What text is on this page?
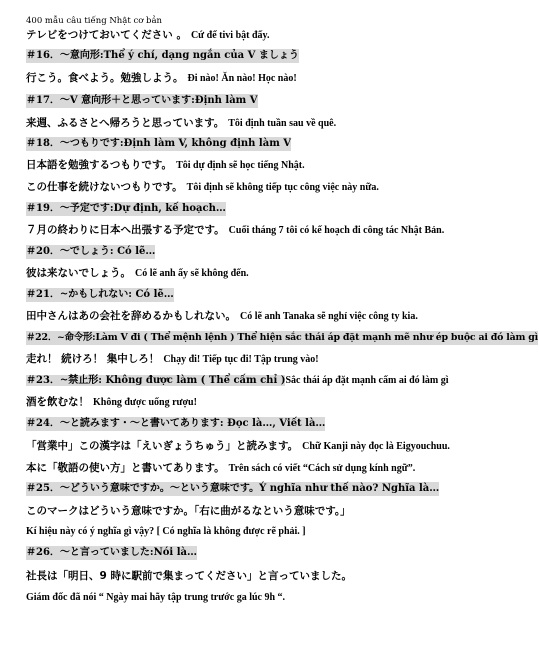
400 mẫu câu tiếng Nhật cơ bản
テレビをつけておいてください 。 Cứ để tivi bật đấy.
＃16．～意向形:Thể ý chí, dạng ngắn của V ましょう
行こう。食べよう。勉強しよう。 Đi nào! Ăn nào! Học nào!
＃17．～V 意向形＋と思っています:Định làm V
来週、ふるさとへ帰ろうと思っています。 Tôi định tuần sau về quê.
＃18．～つもりです:Định làm V, không định làm V
日本語を勉強するつもりです。 Tôi dự định sẽ học tiếng Nhật.
この仕事を続けないつもりです。 Tôi định sẽ không tiếp tục công việc này nữa.
＃19．～予定です:Dự định, kế hoạch…
７月の終わりに日本へ出張する予定です。 Cuối tháng 7 tôi có kế hoạch đi công tác Nhật Bản.
＃20．～でしょう: Có lẽ…
彼は来ないでしょう。 Có lẽ anh ấy sẽ không đến.
＃21．~かもしれない: Có lẽ…
田中さんはあの会社を辞めるかもしれない。 Có lẽ anh Tanaka sẽ nghỉ việc công ty kia.
＃22．~命令形:Làm V đi ( Thể mệnh lệnh ) Thể hiện sắc thái áp đặt mạnh mẽ như ép buộc ai đó làm gì
走れ！ 続けろ！ 集中しろ！ Chạy đi! Tiếp tục đi! Tập trung vào!
＃23．~禁止形: Không được làm ( Thể cấm chỉ )Sắc thái áp đặt mạnh cấm ai đó làm gì
酒を飲むな！ Không được uống rượu!
＃24．～と読みます・～と書いてあります: Đọc là…, Viết là…
「営業中」この漢字は「えいぎょうちゅう」と読みます。 Chữ Kanji này đọc là Eigyouchuu.
本に「敬語の使い方」と書いてあります。 Trên sách có viết “Cách sử dụng kính ngữ”.
＃25．～どういう意味ですか。～という意味です。Ý nghĩa như thế nào? Nghĩa là…
このマークはどういう意味ですか。「右に曲がるなという意味です。」
Kí hiệu này có ý nghĩa gì vậy? [ Có nghĩa là không được rẽ phải. ]
＃26．～と言っていました:Nói là…
社長は「明日、9 時に駅前で集まってください」と言っていました。
Giám đốc đã nói “ Ngày mai hãy tập trung trước ga lúc 9h “.
